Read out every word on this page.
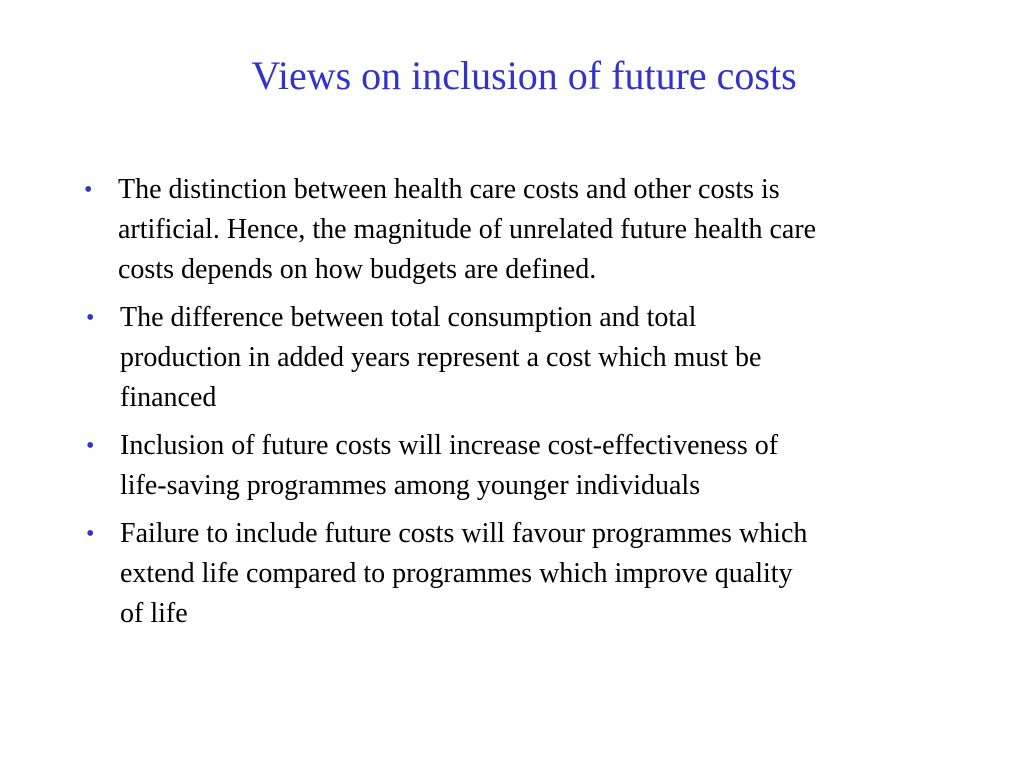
Views on inclusion of future costs
• The distinction between health care costs and other costs is
artificial. Hence, the magnitude of unrelated future health care
costs depends on how budgets are defined.
• The difference between total consumption and total
production in added years represent a cost which must be
financed
• Inclusion of future costs will increase cost-effectiveness of
life-saving programmes among younger individuals
• Failure to include future costs will favour programmes which
extend life compared to programmes which improve quality
of life
